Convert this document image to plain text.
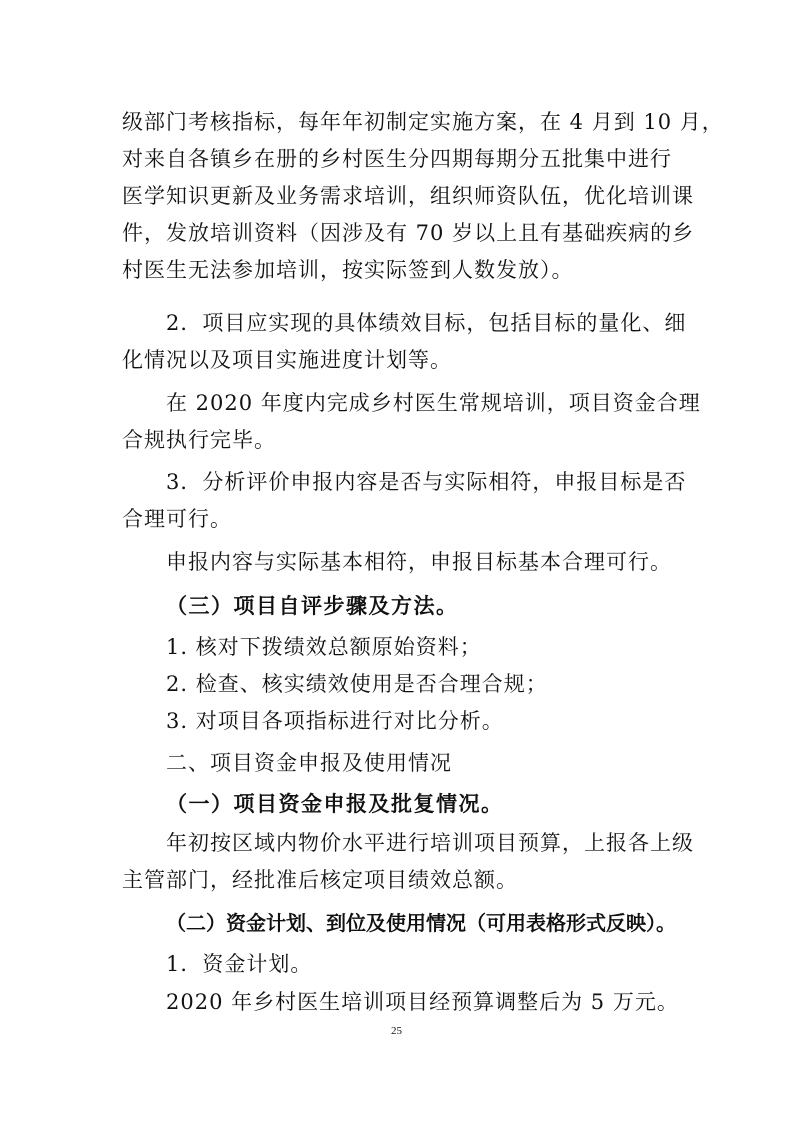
级部门考核指标，每年年初制定实施方案，在 4 月到 10 月，
对来自各镇乡在册的乡村医生分四期每期分五批集中进行
医学知识更新及业务需求培训，组织师资队伍，优化培训课
件，发放培训资料（因涉及有 70 岁以上且有基础疾病的乡
村医生无法参加培训，按实际签到人数发放）。
2．项目应实现的具体绩效目标，包括目标的量化、细
化情况以及项目实施进度计划等。
在 2020 年度内完成乡村医生常规培训，项目资金合理
合规执行完毕。
3．分析评价申报内容是否与实际相符，申报目标是否
合理可行。
申报内容与实际基本相符，申报目标基本合理可行。
（三）项目自评步骤及方法。
1. 核对下拨绩效总额原始资料；
2. 检查、核实绩效使用是否合理合规；
3. 对项目各项指标进行对比分析。
二、项目资金申报及使用情况
（一）项目资金申报及批复情况。
年初按区域内物价水平进行培训项目预算，上报各上级
主管部门，经批准后核定项目绩效总额。
（二）资金计划、到位及使用情况（可用表格形式反映）。
1．资金计划。
2020 年乡村医生培训项目经预算调整后为 5 万元。
25
